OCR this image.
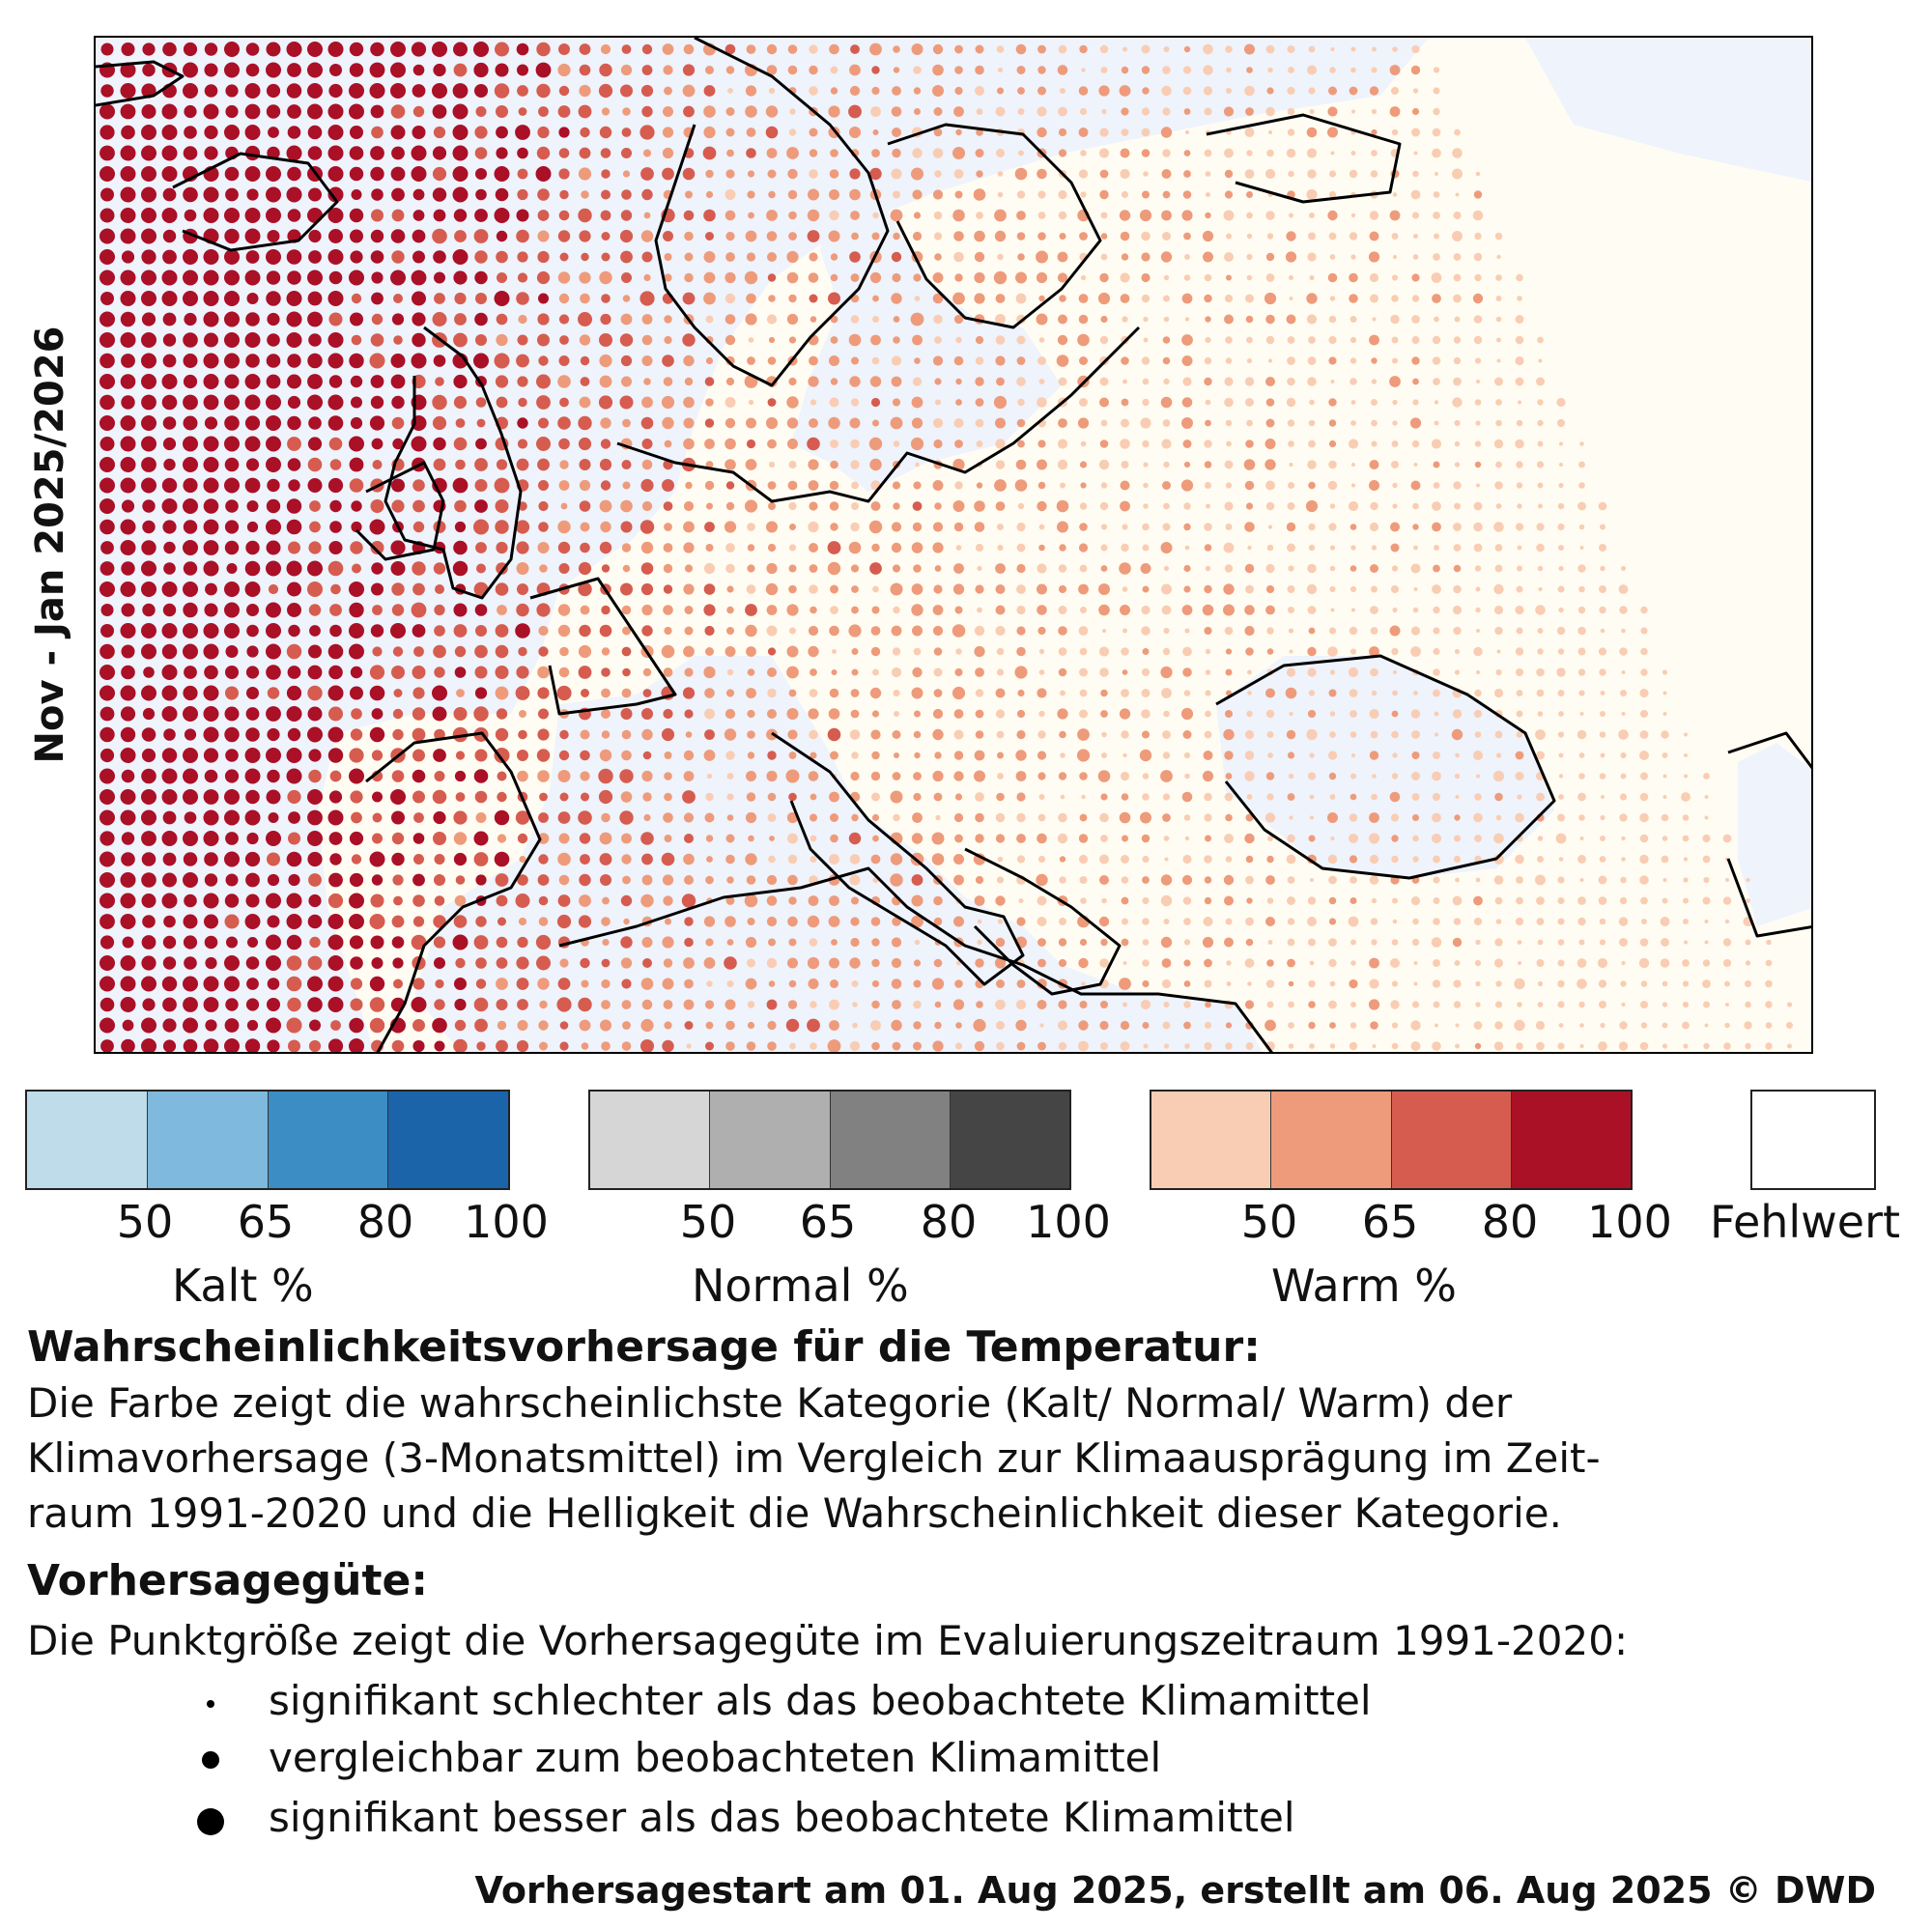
Nov - Jan 2025/2026
50 65 80 100	50 65 80 100	50 65 80 100
Kalt %	Normal %	Warm %
Fehlwert
Wahrscheinlichkeitsvorhersage für die Temperatur:
Die Farbe zeigt die wahrscheinlichste Kategorie (Kalt/ Normal/ Warm) der
Klimavorhersage (3-Monatsmittel) im Vergleich zur Klimaausprägung im Zeit-
raum 1991-2020 und die Helligkeit die Wahrscheinlichkeit dieser Kategorie.
Vorhersagegüte:
Die Punktgröße zeigt die Vorhersagegüte im Evaluierungszeitraum 1991-2020:
signifikant schlechter als das beobachtete Klimamittel
vergleichbar zum beobachteten Klimamittel
signifikant besser als das beobachtete Klimamittel
Vorhersagestart am 01. Aug 2025, erstellt am 06. Aug 2025 © DWD
